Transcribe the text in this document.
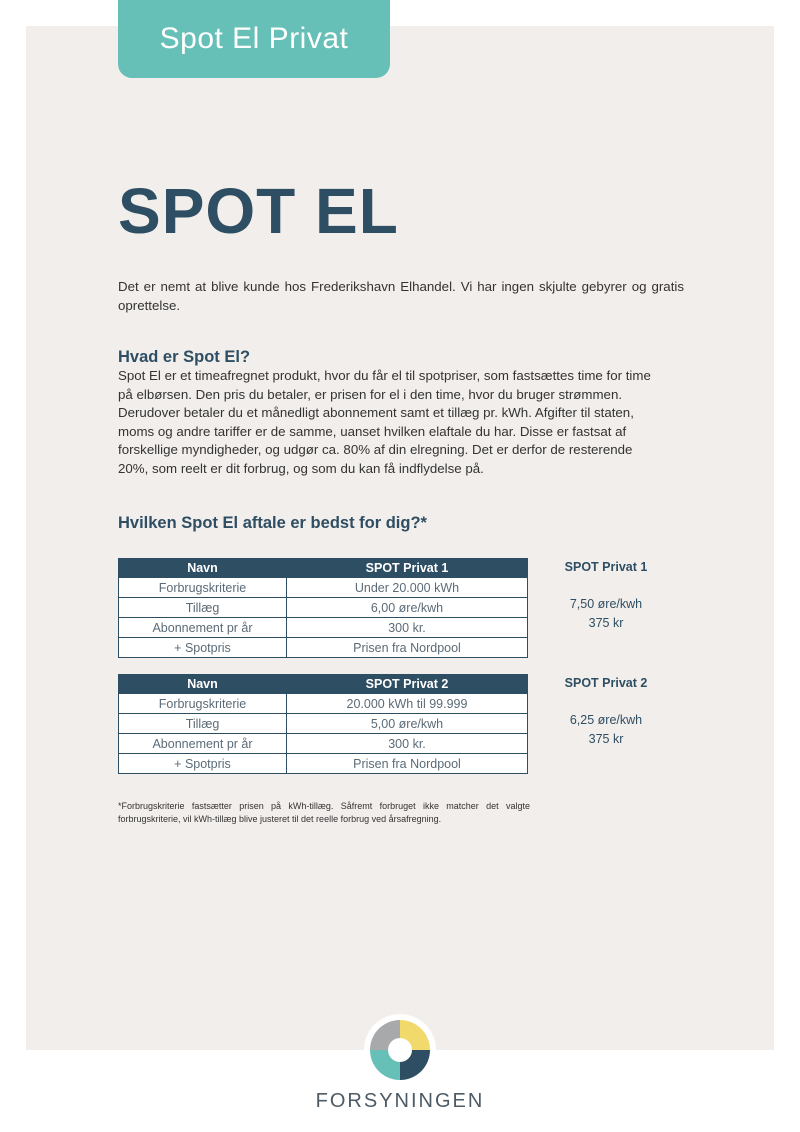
Spot El Privat
SPOT EL

Det er nemt at blive kunde hos Frederikshavn Elhandel. Vi har ingen skjulte gebyrer og gratis oprettelse.

Hvad er Spot El?

Spot El er et timeafregnet produkt, hvor du får el til spotpriser, som fastsættes time for time på elbørsen. Den pris du betaler, er prisen for el i den time, hvor du bruger strømmen. Derudover betaler du et månedligt abonnement samt et tillæg pr. kWh. Afgifter til staten, moms og andre tariffer er de samme, uanset hvilken elaftale du har. Disse er fastsat af forskellige myndigheder, og udgør ca. 80% af din elregning. Det er derfor de resterende 20%, som reelt er dit forbrug, og som du kan få indflydelse på.

Hvilken Spot El aftale er bedst for dig?*
Navn	SPOT Privat 1
Forbrugskriterie	Under 20.000 kWh
Tillæg	6,00 øre/kwh
Abonnement pr år	300 kr.
+ Spotpris	Prisen fra Nordpool
SPOT Privat 1
7,50 øre/kwh
375 kr
Navn	SPOT Privat 2
Forbrugskriterie	20.000 kWh til 99.999
Tillæg	5,00 øre/kwh
Abonnement pr år	300 kr.
+ Spotpris	Prisen fra Nordpool
SPOT Privat 2
6,25 øre/kwh
375 kr

*Forbrugskriterie fastsætter prisen på kWh-tillæg. Såfremt forbruget ikke matcher det valgte forbrugskriterie, vil kWh-tillæg blive justeret til det reelle forbrug ved årsafregning.

FORSYNINGEN
